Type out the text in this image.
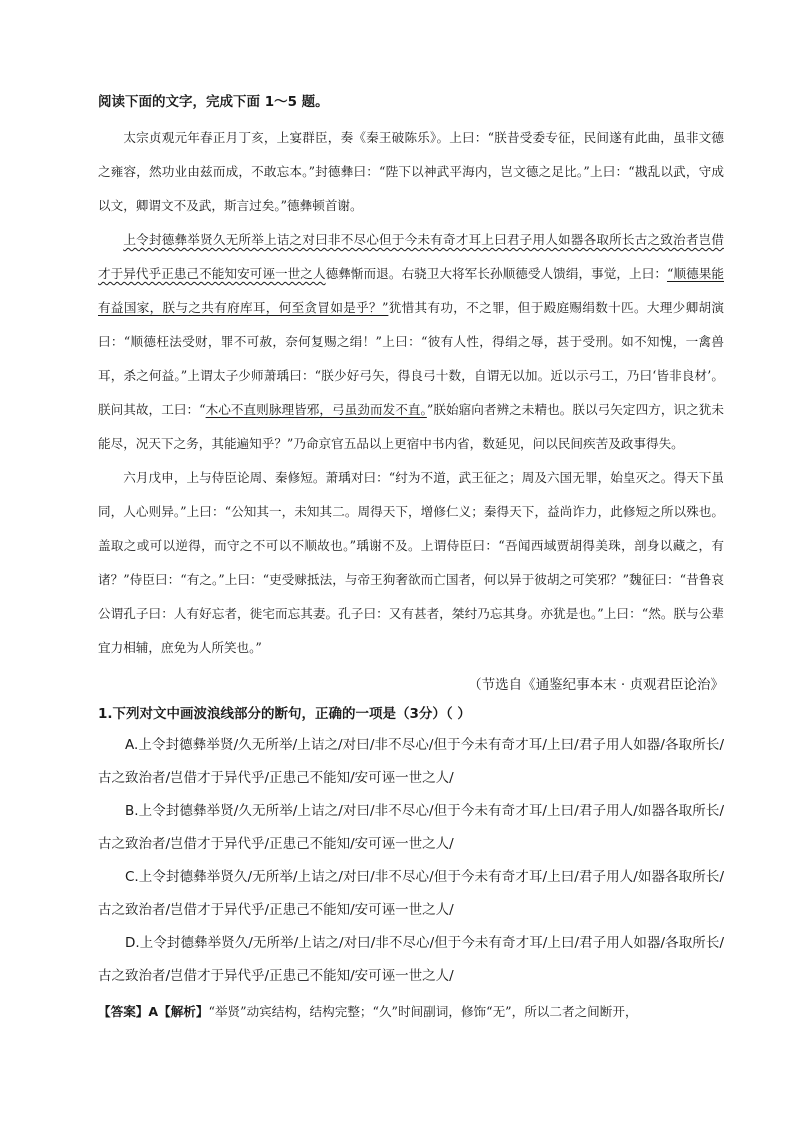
阅读下面的文字，完成下面 1～5 题。

太宗贞观元年春正月丁亥，上宴群臣，奏《秦王破陈乐》。上曰：“朕昔受委专征，民间遂有此曲，虽非文德之雍容，然功业由兹而成，不敢忘本。”封德彝曰：“陛下以神武平海内，岂文德之足比。”上曰：“戡乱以武，守成以文，卿谓文不及武，斯言过矣。”德彝顿首谢。

上令封德彝举贤久无所举上诘之对曰非不尽心但于今未有奇才耳上曰君子用人如器各取所长古之致治者岂借才于异代乎正患己不能知安可诬一世之人德彝惭而退。右骁卫大将军长孙顺德受人馈绢，事觉，上曰：“顺德果能有益国家，朕与之共有府库耳，何至贪冒如是乎？”犹惜其有功，不之罪，但于殿庭赐绢数十匹。大理少卿胡演曰：“顺德枉法受财，罪不可赦，奈何复赐之绢！”上曰：“彼有人性，得绢之辱，甚于受刑。如不知愧，一禽兽耳，杀之何益。”上谓太子少师萧瑀曰：“朕少好弓矢，得良弓十数，自谓无以加。近以示弓工，乃曰‘皆非良材’。朕问其故，工曰：“木心不直则脉理皆邪，弓虽劲而发不直。”朕始寤向者辨之未精也。朕以弓矢定四方，识之犹未能尽，况天下之务，其能遍知乎？”乃命京官五品以上更宿中书内省，数延见，问以民间疾苦及政事得失。

六月戊申，上与侍臣论周、秦修短。萧瑀对曰：“纣为不道，武王征之；周及六国无罪，始皇灭之。得天下虽同，人心则异。”上曰：“公知其一，未知其二。周得天下，增修仁义；秦得天下，益尚诈力，此修短之所以殊也。盖取之或可以逆得，而守之不可以不顺故也。”瑀谢不及。上谓侍臣曰：“吾闻西域贾胡得美珠，剖身以藏之，有诸？”侍臣曰：“有之。”上曰：“吏受赇抵法，与帝王狗奢欲而亡国者，何以异于彼胡之可笑邪？”魏征曰：“昔鲁哀公谓孔子曰：人有好忘者，徙宅而忘其妻。孔子曰：又有甚者，桀纣乃忘其身。亦犹是也。”上曰：“然。朕与公辈宜力相辅，庶免为人所笑也。”

（节选自《通鉴纪事本末 · 贞观君臣论治》

1.下列对文中画波浪线部分的断句，正确的一项是（3分）（ ）

A.上令封德彝举贤/久无所举/上诘之/对曰/非不尽心/但于今未有奇才耳/上曰/君子用人如器/各取所长/古之致治者/岂借才于异代乎/正患己不能知/安可诬一世之人/

B.上令封德彝举贤/久无所举/上诘之/对曰/非不尽心/但于今未有奇才耳/上曰/君子用人/如器各取所长/古之致治者/岂借才于异代乎/正患己不能知/安可诬一世之人/

C.上令封德彝举贤久/无所举/上诘之/对曰/非不尽心/但于今未有奇才耳/上曰/君子用人/如器各取所长/古之致治者/岂借才于异代乎/正患己不能知/安可诬一世之人/

D.上令封德彝举贤久/无所举/上诘之/对曰/非不尽心/但于今未有奇才耳/上曰/君子用人如器/各取所长/古之致治者/岂借才于异代乎/正患己不能知/安可诬一世之人/

【答案】A【解析】“举贤”动宾结构，结构完整；“久”时间副词，修饰“无”，所以二者之间断开，
